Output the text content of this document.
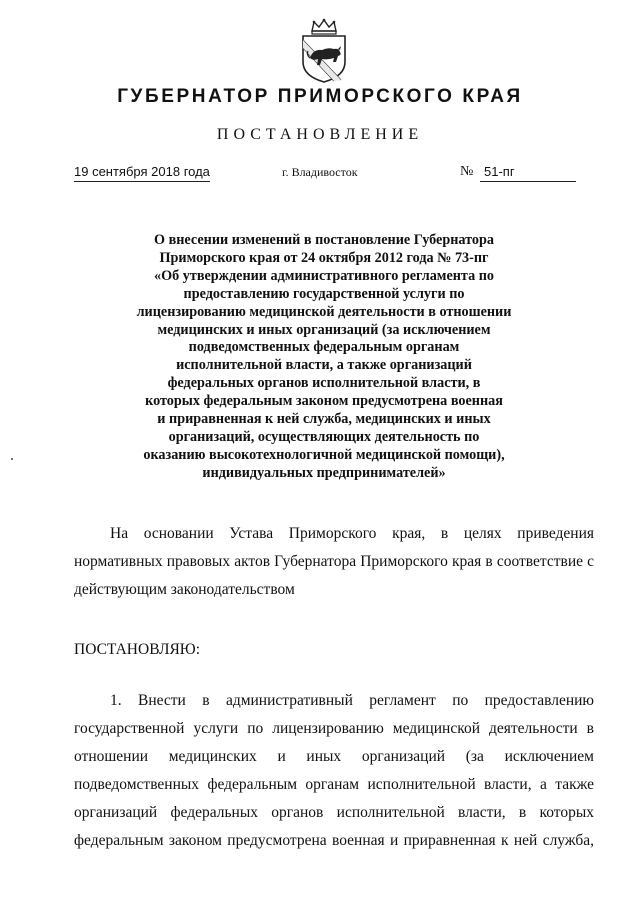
ГУБЕРНАТОР ПРИМОРСКОГО КРАЯ
ПОСТАНОВЛЕНИЕ
19 сентября 2018 года	г. Владивосток	№ 51-пг
О внесении изменений в постановление Губернатора
Приморского края от 24 октября 2012 года № 73-пг
«Об утверждении административного регламента по
предоставлению государственной услуги по
лицензированию медицинской деятельности в отношении
медицинских и иных организаций (за исключением
подведомственных федеральным органам
исполнительной власти, а также организаций
федеральных органов исполнительной власти, в
которых федеральным законом предусмотрена военная
и приравненная к ней служба, медицинских и иных
организаций, осуществляющих деятельность по
оказанию высокотехнологичной медицинской помощи),
индивидуальных предпринимателей»
На основании Устава Приморского края, в целях приведения
нормативных правовых актов Губернатора Приморского края в соответствие с
действующим законодательством
ПОСТАНОВЛЯЮ:
1. Внести в административный регламент по предоставлению
государственной услуги по лицензированию медицинской деятельности в
отношении медицинских и иных организаций (за исключением
подведомственных федеральным органам исполнительной власти, а также
организаций федеральных органов исполнительной власти, в которых
федеральным законом предусмотрена военная и приравненная к ней служба,
